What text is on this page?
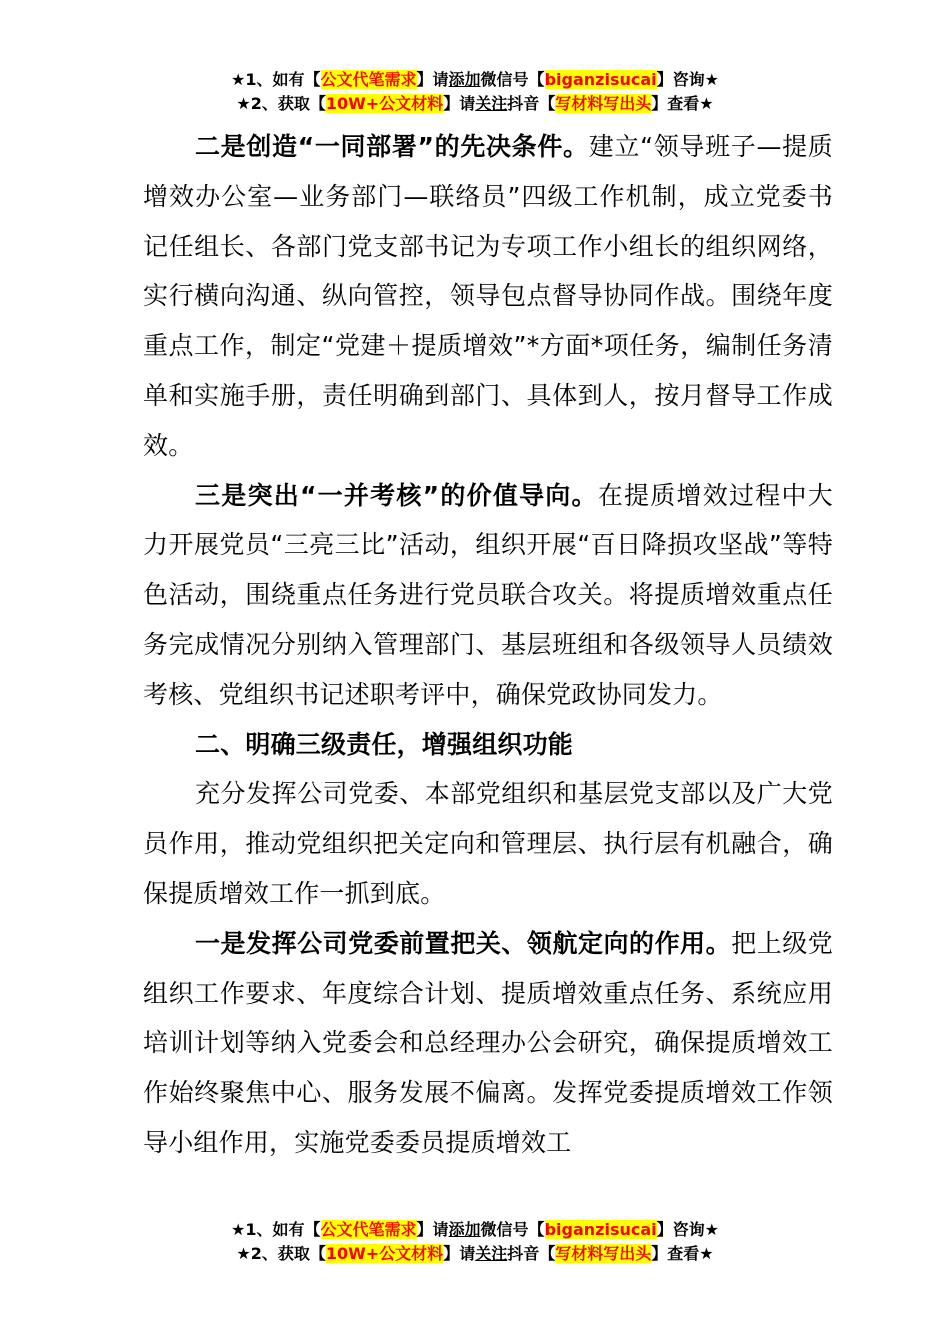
★1、如有【公文代笔需求】请添加微信号【biganzisucai】咨询★
★2、获取【10W+公文材料】请关注抖音【写材料写出头】查看★

二是创造“一同部署”的先决条件。建立“领导班子—提质增效办公室—业务部门—联络员”四级工作机制，成立党委书记任组长、各部门党支部书记为专项工作小组长的组织网络，实行横向沟通、纵向管控，领导包点督导协同作战。围绕年度重点工作，制定“党建＋提质增效”*方面*项任务，编制任务清单和实施手册，责任明确到部门、具体到人，按月督导工作成效。

三是突出“一并考核”的价值导向。在提质增效过程中大力开展党员“三亮三比”活动，组织开展“百日降损攻坚战”等特色活动，围绕重点任务进行党员联合攻关。将提质增效重点任务完成情况分别纳入管理部门、基层班组和各级领导人员绩效考核、党组织书记述职考评中，确保党政协同发力。

二、明确三级责任，增强组织功能

充分发挥公司党委、本部党组织和基层党支部以及广大党员作用，推动党组织把关定向和管理层、执行层有机融合，确保提质增效工作一抓到底。

一是发挥公司党委前置把关、领航定向的作用。把上级党组织工作要求、年度综合计划、提质增效重点任务、系统应用培训计划等纳入党委会和总经理办公会研究，确保提质增效工作始终聚焦中心、服务发展不偏离。发挥党委提质增效工作领导小组作用，实施党委委员提质增效工

★1、如有【公文代笔需求】请添加微信号【biganzisucai】咨询★
★2、获取【10W+公文材料】请关注抖音【写材料写出头】查看★
